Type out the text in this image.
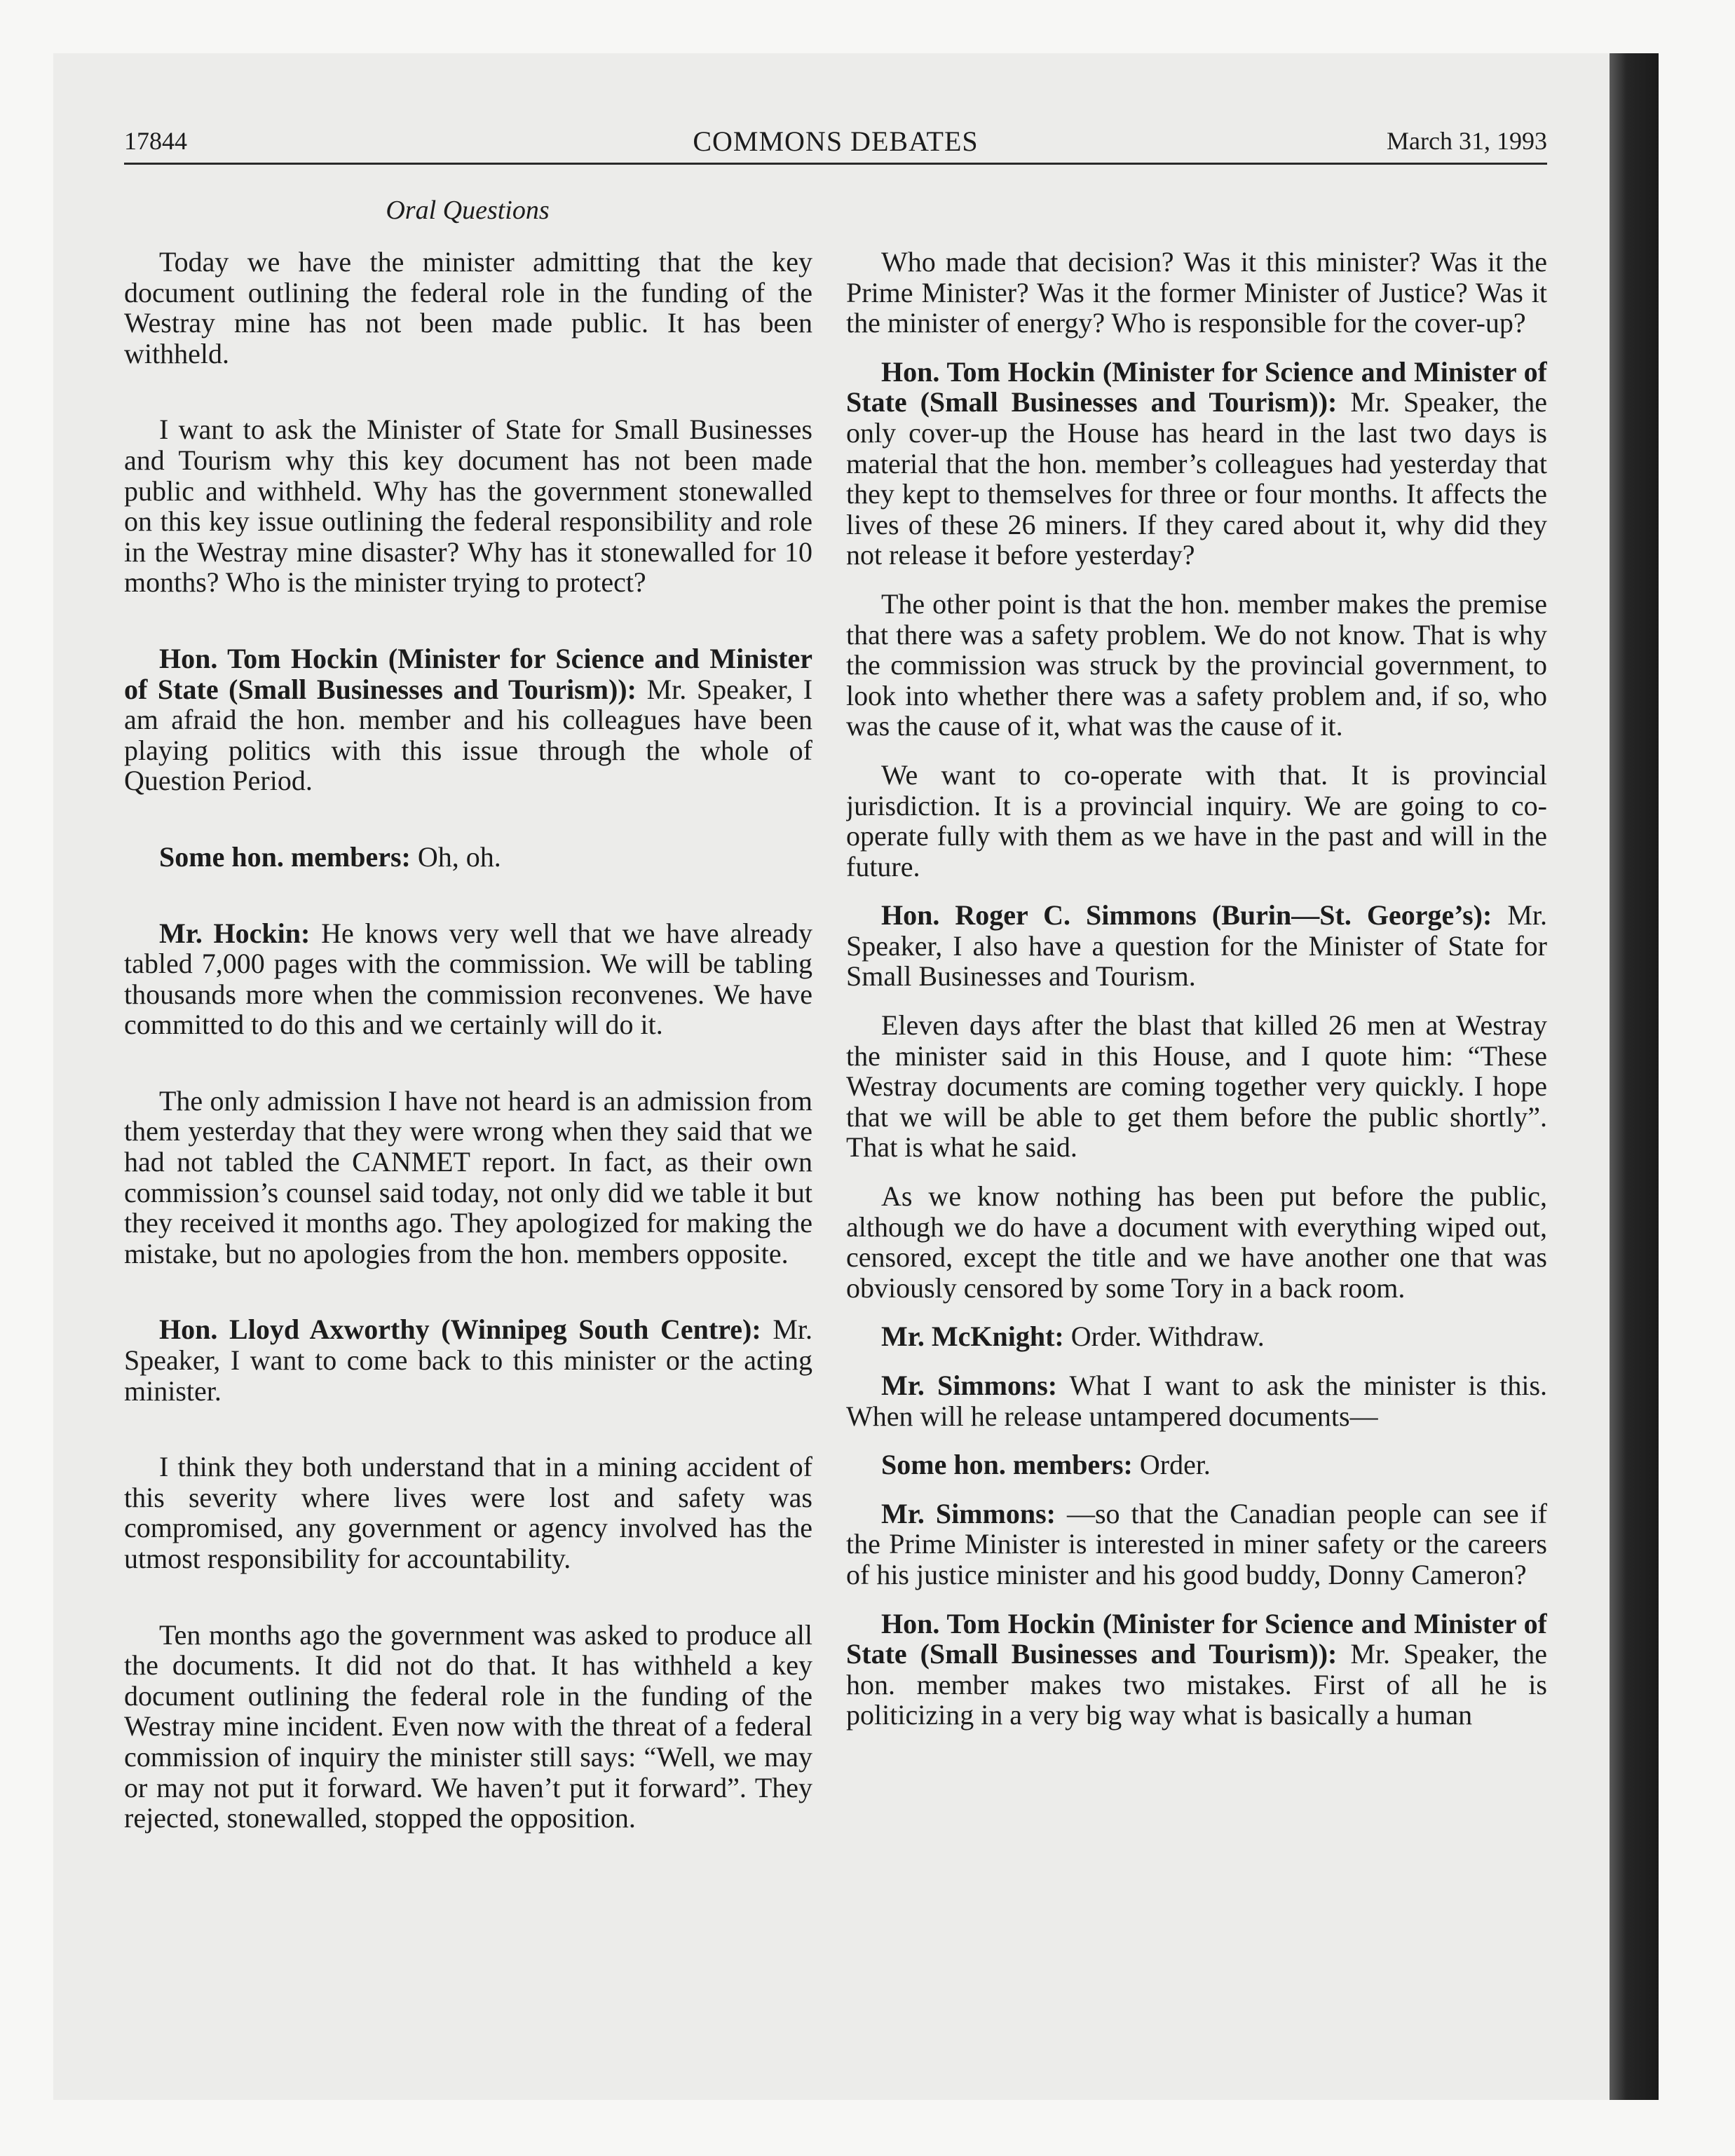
17844	COMMONS DEBATES	March 31, 1993
Oral Questions

Today we have the minister admitting that the key document outlining the federal role in the funding of the Westray mine has not been made public. It has been withheld.

I want to ask the Minister of State for Small Businesses and Tourism why this key document has not been made public and withheld. Why has the government stonewalled on this key issue outlining the federal responsibility and role in the Westray mine disaster? Why has it stonewalled for 10 months? Who is the minister trying to protect?

Hon. Tom Hockin (Minister for Science and Minister of State (Small Businesses and Tourism)): Mr. Speaker, I am afraid the hon. member and his colleagues have been playing politics with this issue through the whole of Question Period.

Some hon. members: Oh, oh.

Mr. Hockin: He knows very well that we have already tabled 7,000 pages with the commission. We will be tabling thousands more when the commission reconvenes. We have committed to do this and we certainly will do it.

The only admission I have not heard is an admission from them yesterday that they were wrong when they said that we had not tabled the CANMET report. In fact, as their own commission’s counsel said today, not only did we table it but they received it months ago. They apologized for making the mistake, but no apologies from the hon. members opposite.

Hon. Lloyd Axworthy (Winnipeg South Centre): Mr. Speaker, I want to come back to this minister or the acting minister.

I think they both understand that in a mining accident of this severity where lives were lost and safety was compromised, any government or agency involved has the utmost responsibility for accountability.

Ten months ago the government was asked to produce all the documents. It did not do that. It has withheld a key document outlining the federal role in the funding of the Westray mine incident. Even now with the threat of a federal commission of inquiry the minister still says: “Well, we may or may not put it forward. We haven’t put it forward”. They rejected, stonewalled, stopped the opposition.

Who made that decision? Was it this minister? Was it the Prime Minister? Was it the former Minister of Justice? Was it the minister of energy? Who is responsible for the cover-up?

Hon. Tom Hockin (Minister for Science and Minister of State (Small Businesses and Tourism)): Mr. Speaker, the only cover-up the House has heard in the last two days is material that the hon. member’s colleagues had yesterday that they kept to themselves for three or four months. It affects the lives of these 26 miners. If they cared about it, why did they not release it before yesterday?

The other point is that the hon. member makes the premise that there was a safety problem. We do not know. That is why the commission was struck by the provincial government, to look into whether there was a safety problem and, if so, who was the cause of it, what was the cause of it.

We want to co-operate with that. It is provincial jurisdiction. It is a provincial inquiry. We are going to co-operate fully with them as we have in the past and will in the future.

Hon. Roger C. Simmons (Burin—St. George’s): Mr. Speaker, I also have a question for the Minister of State for Small Businesses and Tourism.

Eleven days after the blast that killed 26 men at Westray the minister said in this House, and I quote him: “These Westray documents are coming together very quickly. I hope that we will be able to get them before the public shortly”. That is what he said.

As we know nothing has been put before the public, although we do have a document with everything wiped out, censored, except the title and we have another one that was obviously censored by some Tory in a back room.

Mr. McKnight: Order. Withdraw.

Mr. Simmons: What I want to ask the minister is this. When will he release untampered documents—

Some hon. members: Order.

Mr. Simmons: —so that the Canadian people can see if the Prime Minister is interested in miner safety or the careers of his justice minister and his good buddy, Donny Cameron?

Hon. Tom Hockin (Minister for Science and Minister of State (Small Businesses and Tourism)): Mr. Speaker, the hon. member makes two mistakes. First of all he is politicizing in a very big way what is basically a human
